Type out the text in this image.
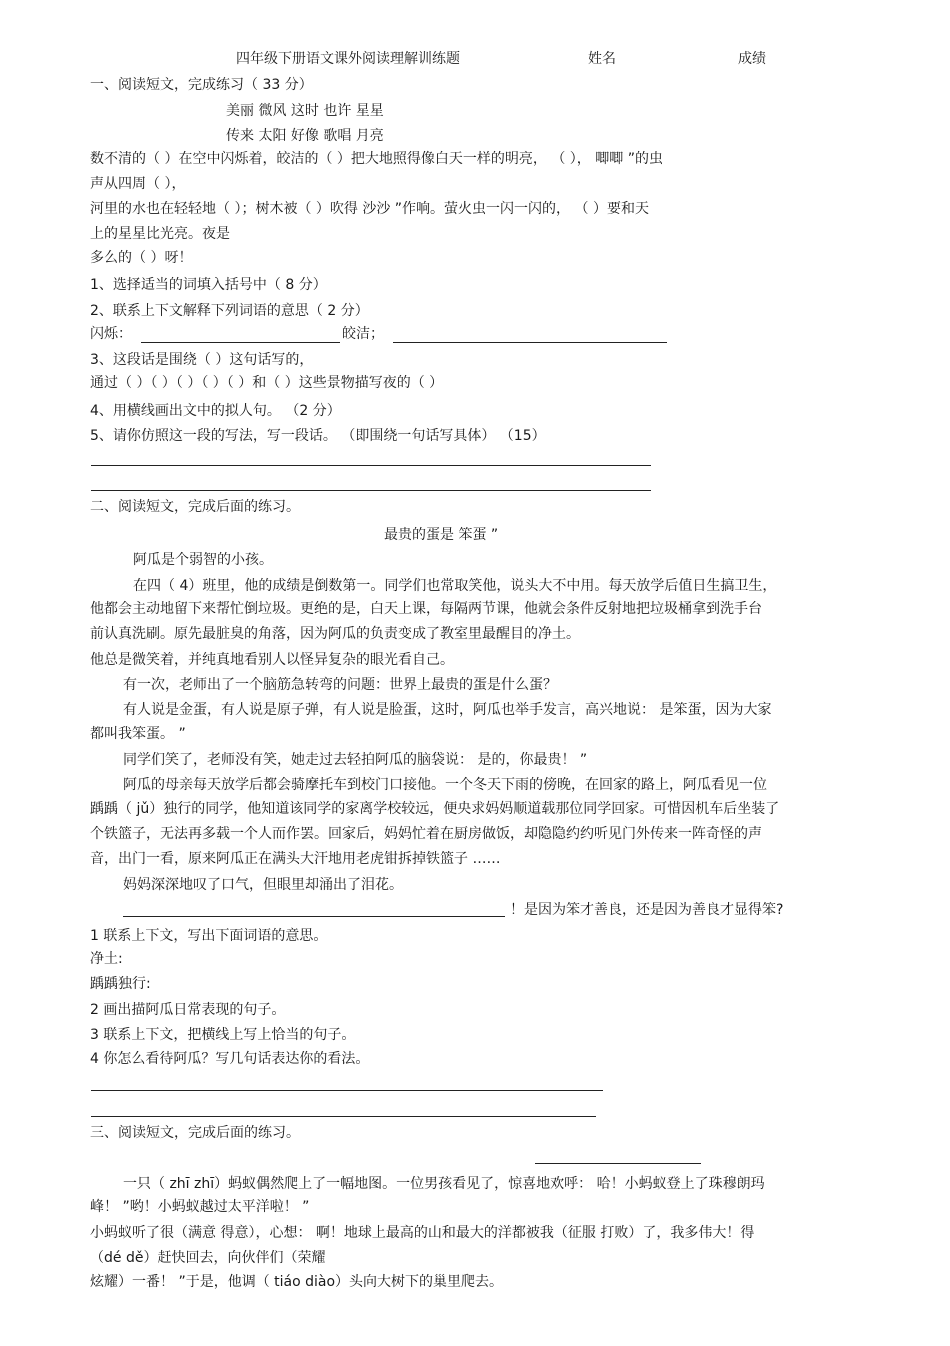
四年级下册语文课外阅读理解训练题	姓名	成绩
一、阅读短文，完成练习（ 33 分）
美丽 微风 这时 也许 星星
传来 太阳 好像 歌唱 月亮
数不清的（ ）在空中闪烁着，皎洁的（ ）把大地照得像白天一样的明亮， （ ）， 唧唧 ”的虫
声从四周（ ），
河里的水也在轻轻地（ ）；树木被（ ）吹得 沙沙 ”作响。萤火虫一闪一闪的， （ ）要和天
上的星星比光亮。夜是
多么的（ ）呀！
1、选择适当的词填入括号中（ 8 分）
2、联系上下文解释下列词语的意思（ 2 分）
闪烁：	皎洁；
3、这段话是围绕（ ）这句话写的，
通过（ ）（ ）（ ）（ ）（ ）和（ ）这些景物描写夜的（ ）
4、用横线画出文中的拟人句。 （2 分）
5、请你仿照这一段的写法，写一段话。 （即围绕一句话写具体） （15）
二、阅读短文，完成后面的练习。
最贵的蛋是 笨蛋 ”
阿瓜是个弱智的小孩。
在四（ 4）班里，他的成绩是倒数第一。同学们也常取笑他，说头大不中用。每天放学后值日生搞卫生，
他都会主动地留下来帮忙倒垃圾。更绝的是，白天上课，每隔两节课，他就会条件反射地把垃圾桶拿到洗手台
前认真洗刷。原先最脏臭的角落，因为阿瓜的负责变成了教室里最醒目的净土。
他总是微笑着，并纯真地看别人以怪异复杂的眼光看自己。
有一次，老师出了一个脑筋急转弯的问题：世界上最贵的蛋是什么蛋？
有人说是金蛋，有人说是原子弹，有人说是脸蛋，这时，阿瓜也举手发言，高兴地说： 是笨蛋，因为大家
都叫我笨蛋。 ”
同学们笑了，老师没有笑，她走过去轻拍阿瓜的脑袋说： 是的，你最贵！ ”
阿瓜的母亲每天放学后都会骑摩托车到校门口接他。一个冬天下雨的傍晚，在回家的路上，阿瓜看见一位
踽踽（ jǔ）独行的同学，他知道该同学的家离学校较远，便央求妈妈顺道载那位同学回家。可惜因机车后坐装了
个铁篮子，无法再多载一个人而作罢。回家后，妈妈忙着在厨房做饭，却隐隐约约听见门外传来一阵奇怪的声
音，出门一看，原来阿瓜正在满头大汗地用老虎钳拆掉铁篮子 ……
妈妈深深地叹了口气，但眼里却涌出了泪花。
！是因为笨才善良，还是因为善良才显得笨?
1 联系上下文，写出下面词语的意思。
净土:
踽踽独行:
2 画出描阿瓜日常表现的句子。
3 联系上下文，把横线上写上恰当的句子。
4 你怎么看待阿瓜？写几句话表达你的看法。
三、阅读短文，完成后面的练习。
一只（ zhī zhī）蚂蚁偶然爬上了一幅地图。一位男孩看见了，惊喜地欢呼： 哈！小蚂蚁登上了珠穆朗玛
峰！ ”哟！小蚂蚁越过太平洋啦！ ”
小蚂蚁听了很（满意 得意），心想： 啊！地球上最高的山和最大的洋都被我（征服 打败）了，我多伟大！得
（dé dě）赶快回去，向伙伴们（荣耀
炫耀）一番！ ”于是，他调（ tiáo diào）头向大树下的巢里爬去。
